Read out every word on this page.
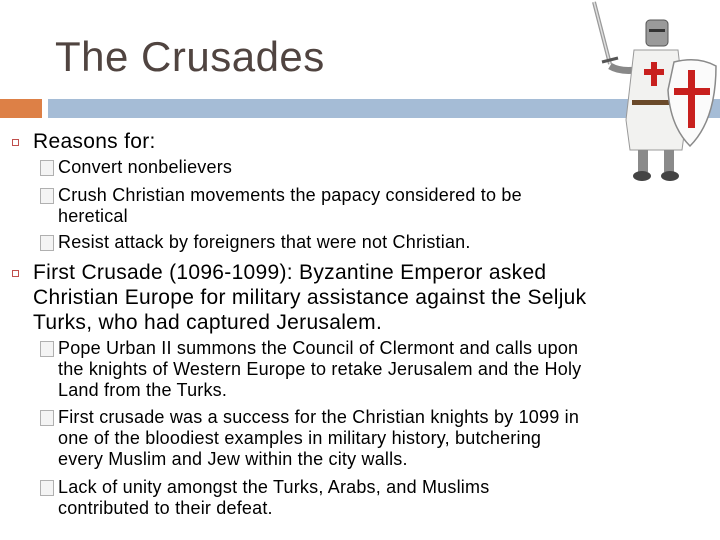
The Crusades
Reasons for:
Convert nonbelievers
Crush Christian movements the papacy considered to be
heretical
Resist attack by foreigners that were not Christian.
First Crusade (1096-1099): Byzantine Emperor asked
Christian Europe for military assistance against the Seljuk
Turks, who had captured Jerusalem.
Pope Urban II summons the Council of Clermont and calls upon
the knights of Western Europe to retake Jerusalem and the Holy
Land from the Turks.
First crusade was a success for the Christian knights by 1099 in
one of the bloodiest examples in military history, butchering
every Muslim and Jew within the city walls.
Lack of unity amongst the Turks, Arabs, and Muslims
contributed to their defeat.
